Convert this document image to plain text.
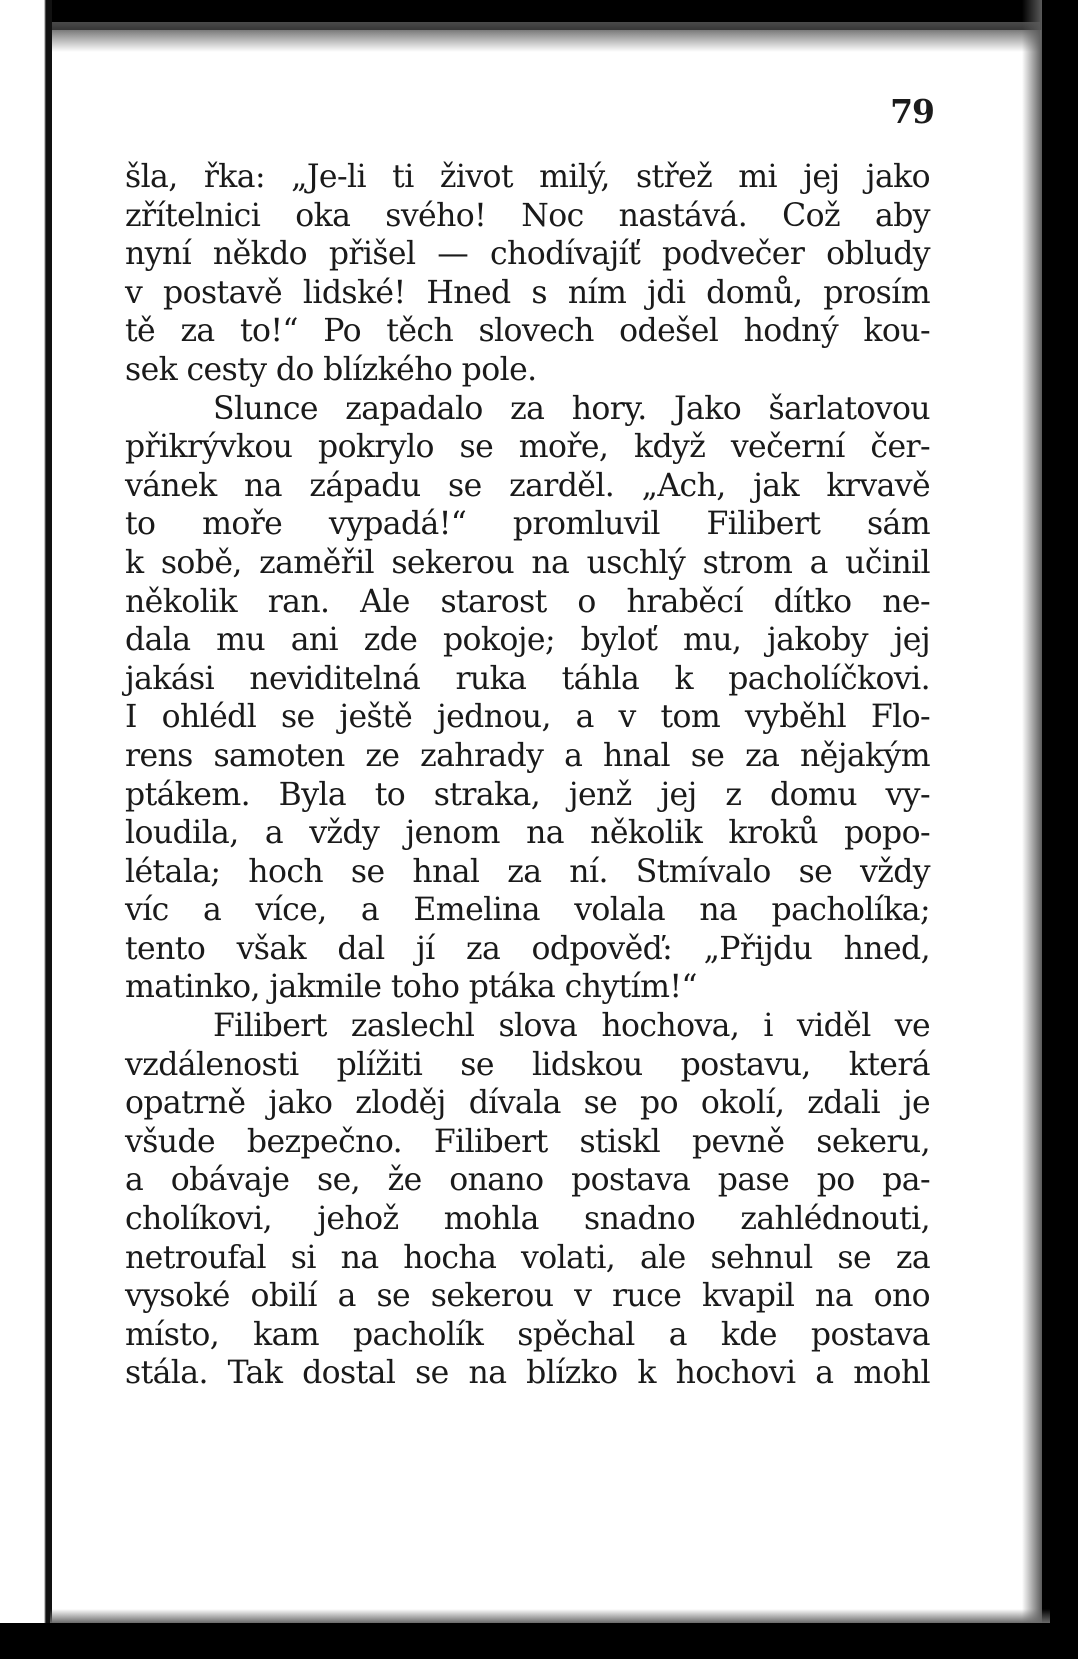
79
šla, řka: „Je-li ti život milý, střež mi jej jako
zřítelnici oka svého! Noc nastává. Což aby
nyní někdo přišel — chodívajíť podvečer obludy
v postavě lidské! Hned s ním jdi domů, prosím
tě za to!“ Po těch slovech odešel hodný kou-
sek cesty do blízkého pole.
Slunce zapadalo za hory. Jako šarlatovou
přikrývkou pokrylo se moře, když večerní čer-
vánek na západu se zarděl. „Ach, jak krvavě
to moře vypadá!“ promluvil Filibert sám
k sobě, zaměřil sekerou na uschlý strom a učinil
několik ran. Ale starost o hraběcí dítko ne-
dala mu ani zde pokoje; byloť mu, jakoby jej
jakási neviditelná ruka táhla k pacholíčkovi.
I ohlédl se ještě jednou, a v tom vyběhl Flo-
rens samoten ze zahrady a hnal se za nějakým
ptákem. Byla to straka, jenž jej z domu vy-
loudila, a vždy jenom na několik kroků popo-
létala; hoch se hnal za ní. Stmívalo se vždy
víc a více, a Emelina volala na pacholíka;
tento však dal jí za odpověď: „Přijdu hned,
matinko, jakmile toho ptáka chytím!“
Filibert zaslechl slova hochova, i viděl ve
vzdálenosti plížiti se lidskou postavu, která
opatrně jako zloděj dívala se po okolí, zdali je
všude bezpečno. Filibert stiskl pevně sekeru,
a obávaje se, že onano postava pase po pa-
cholíkovi, jehož mohla snadno zahlédnouti,
netroufal si na hocha volati, ale sehnul se za
vysoké obilí a se sekerou v ruce kvapil na ono
místo, kam pacholík spěchal a kde postava
stála. Tak dostal se na blízko k hochovi a mohl
